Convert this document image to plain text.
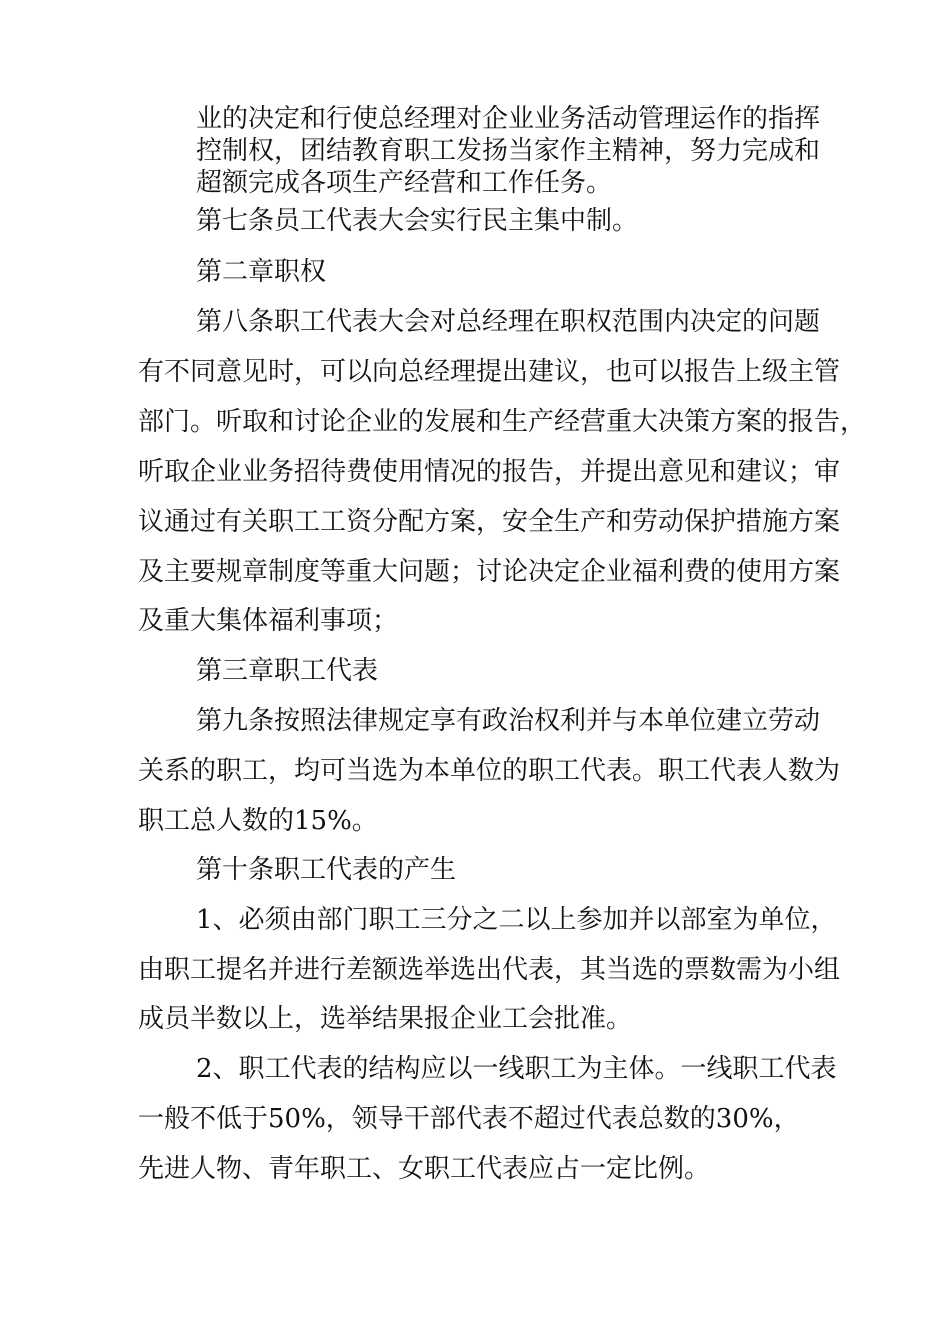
业的决定和行使总经理对企业业务活动管理运作的指挥

控制权，团结教育职工发扬当家作主精神，努力完成和

超额完成各项生产经营和工作任务。

第七条员工代表大会实行民主集中制。

第二章职权

第八条职工代表大会对总经理在职权范围内决定的问题

有不同意见时，可以向总经理提出建议，也可以报告上级主管

部门。听取和讨论企业的发展和生产经营重大决策方案的报告，

听取企业业务招待费使用情况的报告，并提出意见和建议；审

议通过有关职工工资分配方案，安全生产和劳动保护措施方案

及主要规章制度等重大问题；讨论决定企业福利费的使用方案

及重大集体福利事项；

第三章职工代表

第九条按照法律规定享有政治权利并与本单位建立劳动

关系的职工，均可当选为本单位的职工代表。职工代表人数为

职工总人数的15%。

第十条职工代表的产生

1、必须由部门职工三分之二以上参加并以部室为单位，

由职工提名并进行差额选举选出代表，其当选的票数需为小组

成员半数以上，选举结果报企业工会批准。

2、职工代表的结构应以一线职工为主体。一线职工代表

一般不低于50%，领导干部代表不超过代表总数的30%，

先进人物、青年职工、女职工代表应占一定比例。
